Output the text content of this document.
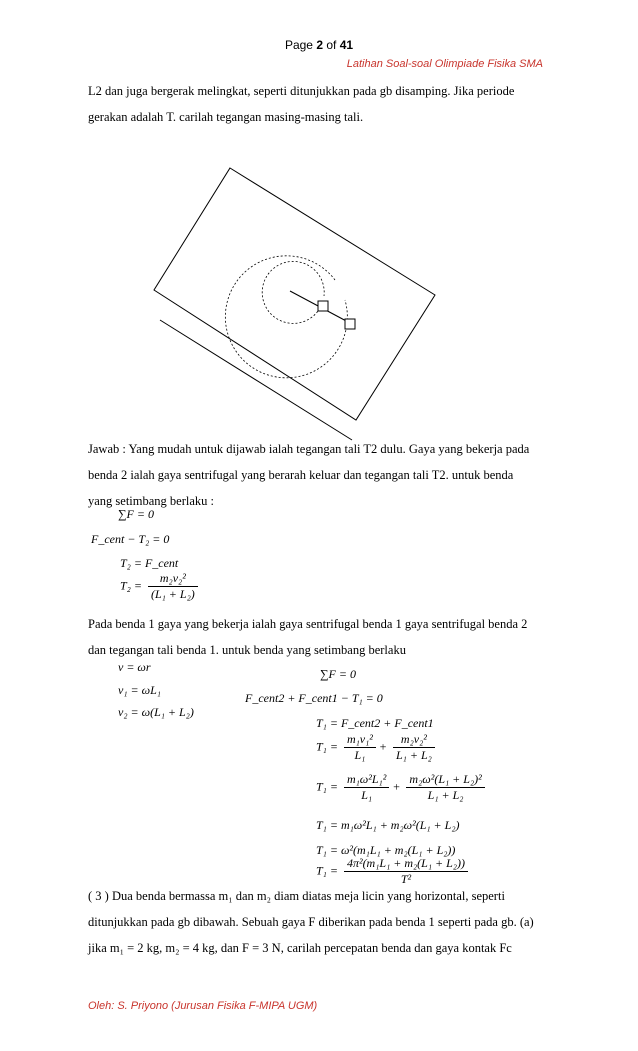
Page 2 of 41
Latihan Soal-soal Olimpiade Fisika SMA
L2 dan juga bergerak melingkat, seperti ditunjukkan pada gb disamping. Jika periode
gerakan adalah T. carilah tegangan masing-masing tali.
Jawab : Yang mudah untuk dijawab ialah tegangan tali T2 dulu. Gaya yang bekerja pada
benda 2 ialah gaya sentrifugal yang berarah keluar dan tegangan tali T2. untuk benda
yang setimbang berlaku :
∑F = 0
F_cent − T₂ = 0
T₂ = F_cent
$T_2 = \frac{\text{m₂v₂²}}{\text{(L₁ + L₂)}}$
Pada benda 1 gaya yang bekerja ialah gaya sentrifugal benda 1 gaya sentrifugal benda 2
dan tegangan tali benda 1. untuk benda yang setimbang berlaku
v = ωr
v₁ = ωL₁
v₂ = ω(L₁ + L₂)
∑F = 0
F_cent2 + F_cent1 − T₁ = 0
T₁ = F_cent2 + F_cent1
$T_1 = \frac{\text{m₁v₁²}}{\text{L₁}} + \frac{\text{m₂v₂²}}{\text{L₁ + L₂}}$
$T_1 = \frac{\text{m₁ω²L₁²}}{\text{L₁}} + \frac{\text{m₂ω²(L₁ + L₂)²}}{\text{L₁ + L₂}}$
T₁ = m₁ω²L₁ + m₂ω²(L₁ + L₂)
T₁ = ω²(m₁L₁ + m₂(L₁ + L₂))
$T_1 = \frac{\text{4π²(m₁L₁ + m₂(L₁ + L₂))}}{\text{T²}}$
( 3 ) Dua benda bermassa m₁ dan m₂ diam diatas meja licin yang horizontal, seperti
ditunjukkan pada gb dibawah. Sebuah gaya F diberikan pada benda 1 seperti pada gb. (a)
jika m₁ = 2 kg, m₂ = 4 kg, dan F = 3 N, carilah percepatan benda dan gaya kontak Fc
Oleh: S. Priyono (Jurusan Fisika F-MIPA UGM)
